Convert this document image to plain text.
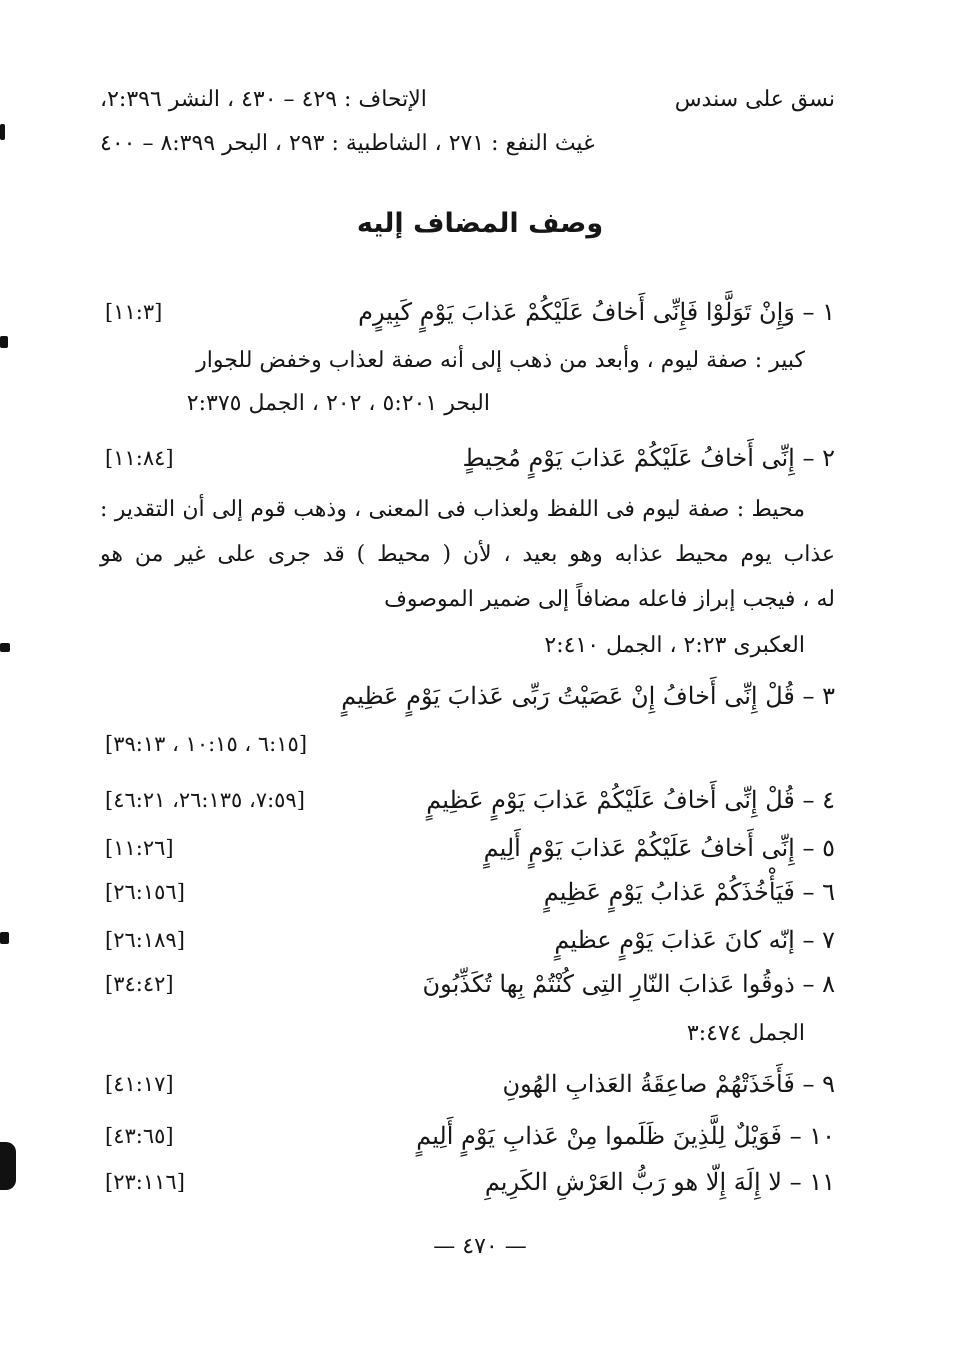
نسق على سندس
الإتحاف : ٤٢٩ – ٤٣٠ ، النشر ٢:٣٩٦،
غيث النفع : ٢٧١ ، الشاطبية : ٢٩٣ ، البحر ٨:٣٩٩ – ٤٠٠
وصف المضاف إليه
١ – وَإِنْ تَوَلَّوْا فَإِنِّى أَخافُ عَلَيْكُمْ عَذابَ يَوْمٍ كَبِيرٍم
[١١:٣]
كبير : صفة ليوم ، وأبعد من ذهب إلى أنه صفة لعذاب وخفض للجوار
البحر ٥:٢٠١ ، ٢٠٢ ، الجمل ٢:٣٧٥
٢ – إِنِّى أَخافُ عَلَيْكُمْ عَذابَ يَوْمٍ مُحِيطٍ
[١١:٨٤]
محيط : صفة ليوم فى اللفظ ولعذاب فى المعنى ، وذهب قوم إلى أن التقدير :
عذاب يوم محيط عذابه وهو بعيد ، لأن ( محيط ) قد جرى على غير من هو
له ، فيجب إبراز فاعله مضافاً إلى ضمير الموصوف
العكبرى ٢:٢٣ ، الجمل ٢:٤١٠
٣ – قُلْ إِنِّى أَخافُ إِنْ عَصَيْتُ رَبِّى عَذابَ يَوْمٍ عَظِيمٍ
[٦:١٥ ، ١٠:١٥ ، ٣٩:١٣]
٤ – قُلْ إِنِّى أَخافُ عَلَيْكُمْ عَذابَ يَوْمٍ عَظِيمٍ
[٧:٥٩، ٢٦:١٣٥، ٤٦:٢١]
٥ – إِنِّى أَخافُ عَلَيْكُمْ عَذابَ يَوْمٍ أَلِيمٍ
[١١:٢٦]
٦ – فَيَأْخُذَكُمْ عَذابُ يَوْمٍ عَظِيمٍ
[٢٦:١٥٦]
٧ – إنّه كانَ عَذابَ يَوْمٍ عظيمٍ
[٢٦:١٨٩]
٨ – ذوقُوا عَذابَ النّارِ التِى كُنْتُمْ بِها تُكَذِّبُونَ
[٣٤:٤٢]
الجمل ٣:٤٧٤
٩ – فَأَخَذَتْهُمْ صاعِقَةُ العَذابِ الهُونِ
[٤١:١٧]
١٠ – فَوَيْلٌ لِلَّذِينَ ظَلَموا مِنْ عَذابِ يَوْمٍ أَلِيمٍ
[٤٣:٦٥]
١١ – لا إِلَهَ إِلّا هو رَبُّ العَرْشِ الكَرِيمِ
[٢٣:١١٦]
— ٤٧٠ —
